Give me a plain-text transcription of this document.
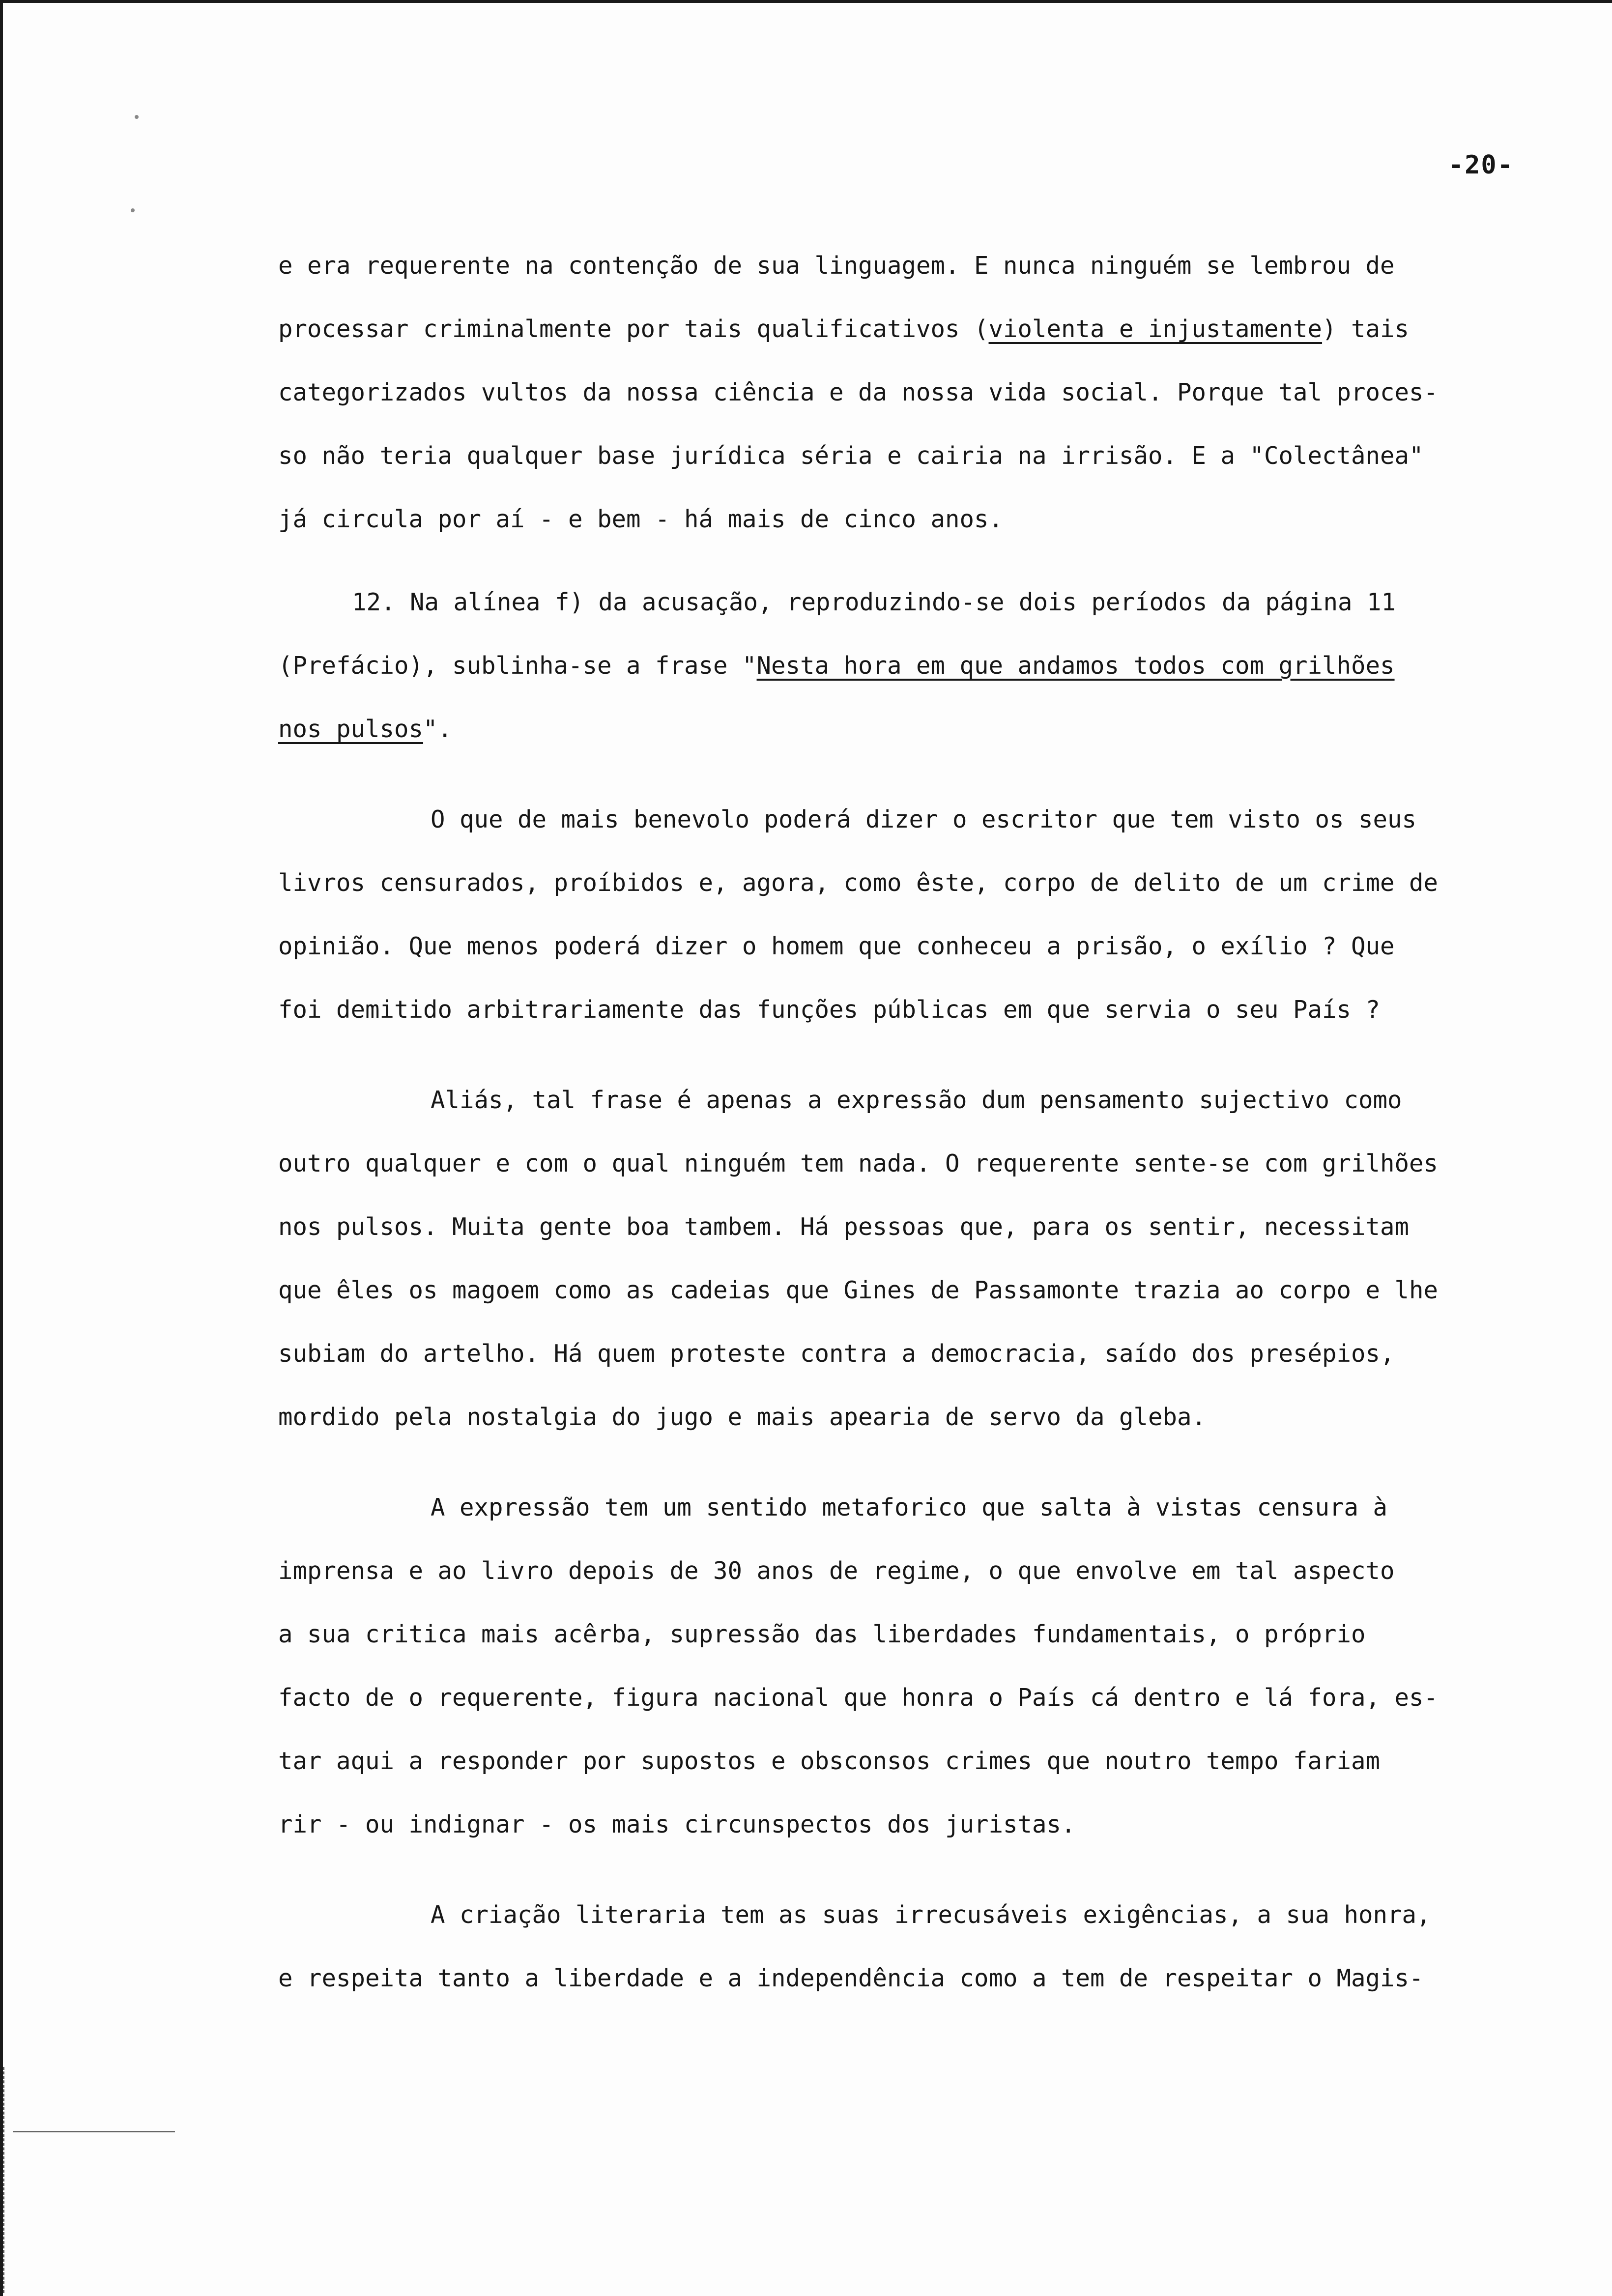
-20-

e era requerente na contenção de sua linguagem. E nunca ninguém se lembrou de
processar criminalmente por tais qualificativos (violenta e injustamente) tais
categorizados vultos da nossa ciência e da nossa vida social. Porque tal proces-
so não teria qualquer base jurídica séria e cairia na irrisão. E a "Colectânea"
já circula por aí - e bem - há mais de cinco anos.

12. Na alínea f) da acusação, reproduzindo-se dois períodos da página 11
(Prefácio), sublinha-se a frase "Nesta hora em que andamos todos com grilhões
nos pulsos".

O que de mais benevolo poderá dizer o escritor que tem visto os seus
livros censurados, proíbidos e, agora, como êste, corpo de delito de um crime de
opinião. Que menos poderá dizer o homem que conheceu a prisão, o exílio ? Que
foi demitido arbitrariamente das funções públicas em que servia o seu País ?

Aliás, tal frase é apenas a expressão dum pensamento sujectivo como
outro qualquer e com o qual ninguém tem nada. O requerente sente-se com grilhões
nos pulsos. Muita gente boa tambem. Há pessoas que, para os sentir, necessitam
que êles os magoem como as cadeias que Gines de Passamonte trazia ao corpo e lhe
subiam do artelho. Há quem proteste contra a democracia, saído dos presépios,
mordido pela nostalgia do jugo e mais apearia de servo da gleba.

A expressão tem um sentido metaforico que salta à vistas censura à
imprensa e ao livro depois de 30 anos de regime, o que envolve em tal aspecto
a sua critica mais acêrba, supressão das liberdades fundamentais, o próprio
facto de o requerente, figura nacional que honra o País cá dentro e lá fora, es-
tar aqui a responder por supostos e obsconsos crimes que noutro tempo fariam
rir - ou indignar - os mais circunspectos dos juristas.

A criação literaria tem as suas irrecusáveis exigências, a sua honra,
e respeita tanto a liberdade e a independência como a tem de respeitar o Magis-
